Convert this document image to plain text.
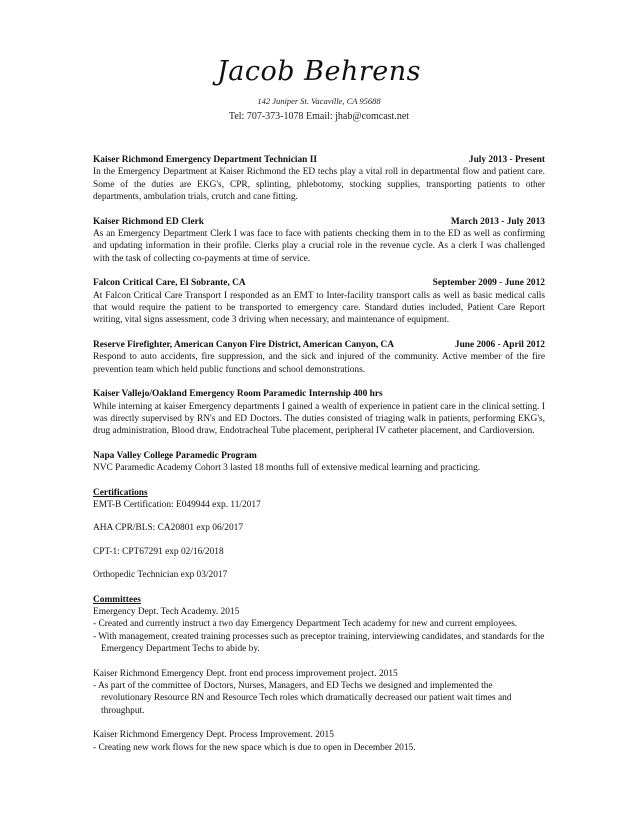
Jacob Behrens
142 Juniper St. Vacaville, CA 95688
Tel: 707-373-1078 Email: jhab@comcast.net
Kaiser Richmond Emergency Department Technician II	July 2013 - Present
In the Emergency Department at Kaiser Richmond the ED techs play a vital roll in departmental flow and patient care. Some of the duties are EKG's, CPR, splinting, phlebotomy, stocking supplies, transporting patients to other departments, ambulation trials, crutch and cane fitting.
Kaiser Richmond ED Clerk	March 2013 - July 2013
As an Emergency Department Clerk I was face to face with patients checking them in to the ED as well as confirming and updating information in their profile. Clerks play a crucial role in the revenue cycle. As a clerk I was challenged with the task of collecting co-payments at time of service.
Falcon Critical Care, El Sobrante, CA	September 2009 - June 2012
At Falcon Critical Care Transport I responded as an EMT to Inter-facility transport calls as well as basic medical calls that would require the patient to be transported to emergency care. Standard duties included, Patient Care Report writing, vital signs assessment, code 3 driving when necessary, and maintenance of equipment.
Reserve Firefighter, American Canyon Fire District, American Canyon, CA	June 2006 - April 2012
Respond to auto accidents, fire suppression, and the sick and injured of the community. Active member of the fire prevention team which held public functions and school demonstrations.
Kaiser Vallejo/Oakland Emergency Room Paramedic Internship 400 hrs
While interning at kaiser Emergency departments I gained a wealth of experience in patient care in the clinical setting. I was directly supervised by RN's and ED Doctors. The duties consisted of triaging walk in patients, performing EKG's, drug administration, Blood draw, Endotracheal Tube placement, peripheral IV catheter placement, and Cardioversion.
Napa Valley College Paramedic Program
NVC Paramedic Academy Cohort 3 lasted 18 months full of extensive medical learning and practicing.
Certifications
EMT-B Certification: E049944 exp. 11/2017
AHA CPR/BLS: CA20801 exp 06/2017
CPT-1: CPT67291 exp 02/16/2018
Orthopedic Technician exp 03/2017
Committees
Emergency Dept. Tech Academy. 2015
- Created and currently instruct a two day Emergency Department Tech academy for new and current employees.
- With management, created training processes such as preceptor training, interviewing candidates, and standards for the Emergency Department Techs to abide by.
Kaiser Richmond Emergency Dept. front end process improvement project. 2015
- As part of the committee of Doctors, Nurses, Managers, and ED Techs we designed and implemented the revolutionary Resource RN and Resource Tech roles which dramatically decreased our patient wait times and throughput.
Kaiser Richmond Emergency Dept. Process Improvement. 2015
- Creating new work flows for the new space which is due to open in December 2015.
